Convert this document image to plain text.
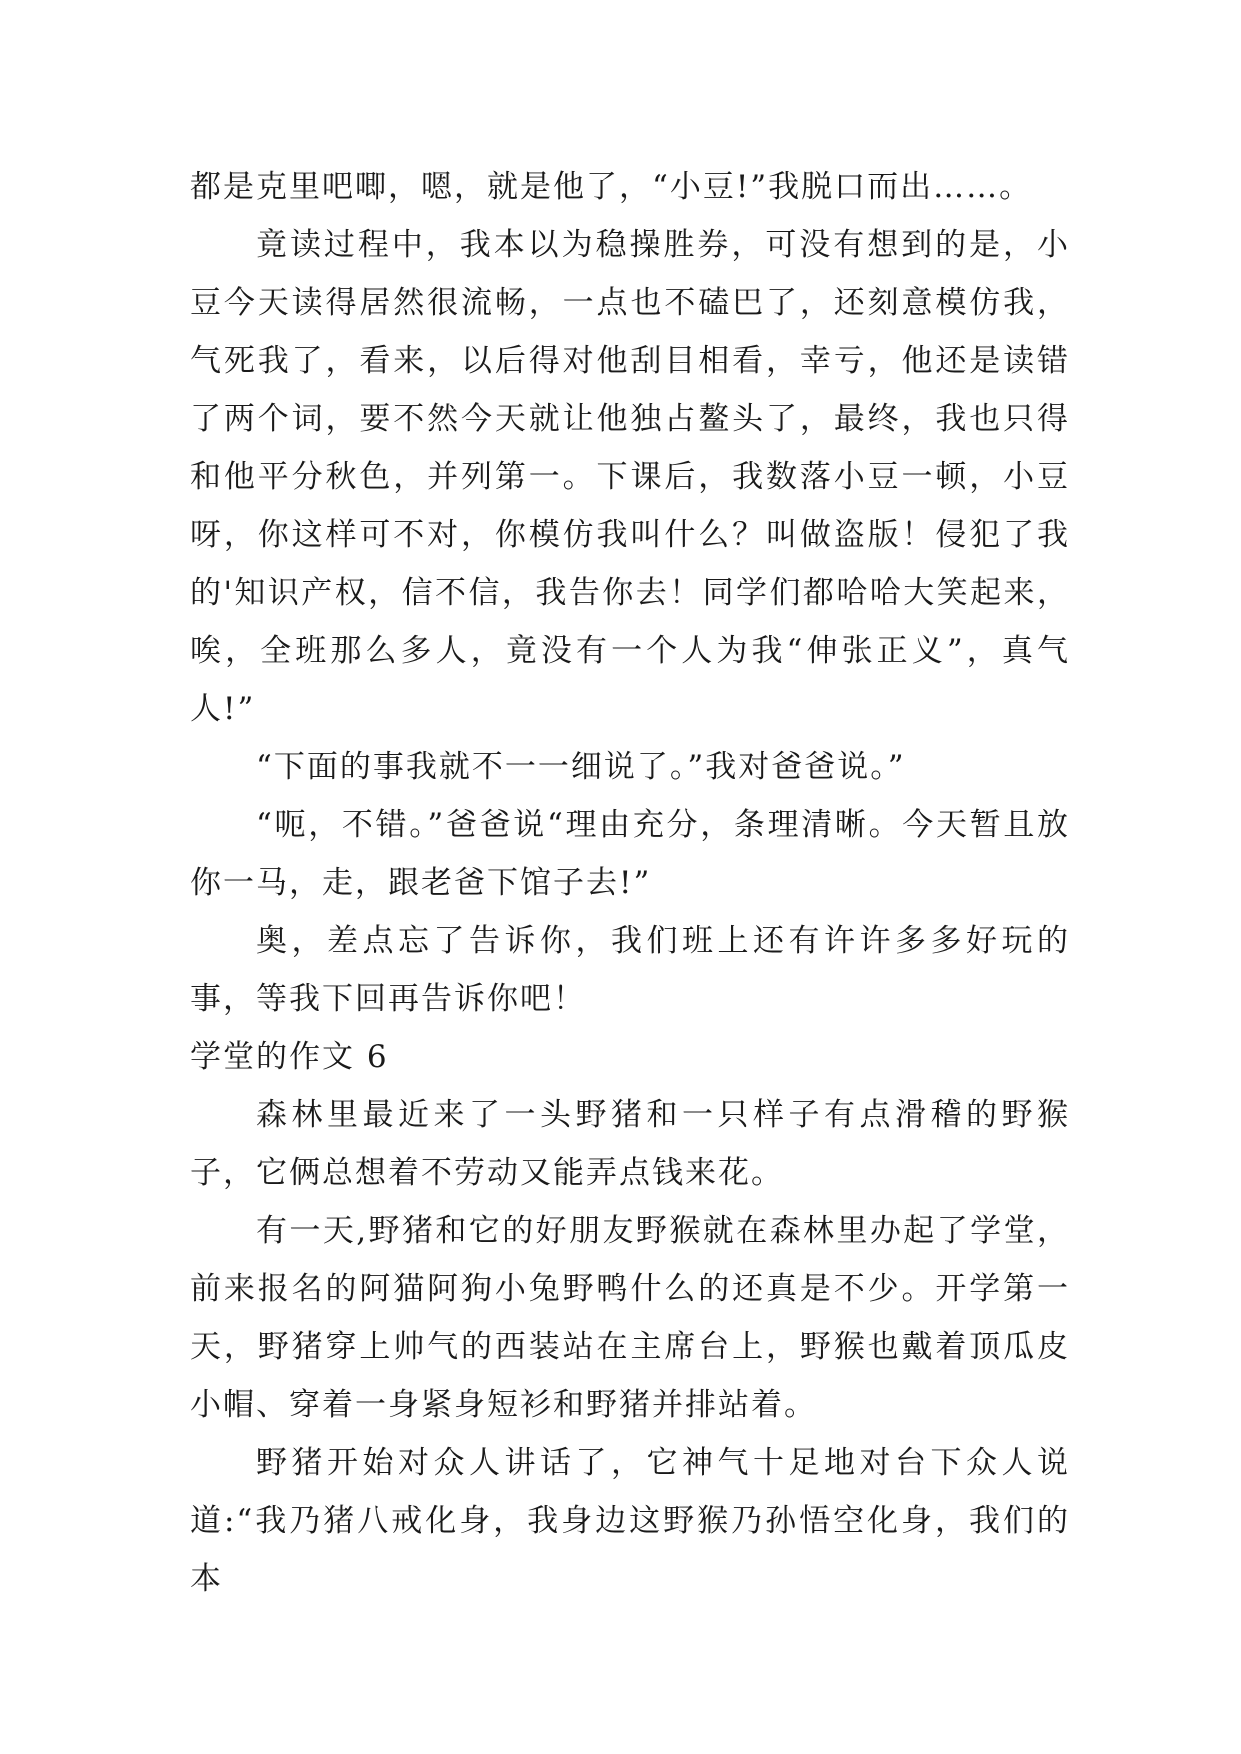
都是克里吧唧，嗯，就是他了，“小豆!”我脱口而出……。

竟读过程中，我本以为稳操胜券，可没有想到的是，小豆今天读得居然很流畅，一点也不磕巴了，还刻意模仿我，气死我了，看来，以后得对他刮目相看，幸亏，他还是读错了两个词，要不然今天就让他独占鳌头了，最终，我也只得和他平分秋色，并列第一。下课后，我数落小豆一顿，小豆呀，你这样可不对，你模仿我叫什么？叫做盗版！侵犯了我的'知识产权，信不信，我告你去！同学们都哈哈大笑起来，唉，全班那么多人，竟没有一个人为我“伸张正义”，真气人!”

“下面的事我就不一一细说了。”我对爸爸说。”

“呃，不错。”爸爸说“理由充分，条理清晰。今天暂且放你一马，走，跟老爸下馆子去!”

奥，差点忘了告诉你，我们班上还有许许多多好玩的事，等我下回再告诉你吧！

学堂的作文 6

森林里最近来了一头野猪和一只样子有点滑稽的野猴子，它俩总想着不劳动又能弄点钱来花。

有一天,野猪和它的好朋友野猴就在森林里办起了学堂，前来报名的阿猫阿狗小兔野鸭什么的还真是不少。开学第一天，野猪穿上帅气的西装站在主席台上，野猴也戴着顶瓜皮小帽、穿着一身紧身短衫和野猪并排站着。

野猪开始对众人讲话了，它神气十足地对台下众人说道:“我乃猪八戒化身，我身边这野猴乃孙悟空化身，我们的本
